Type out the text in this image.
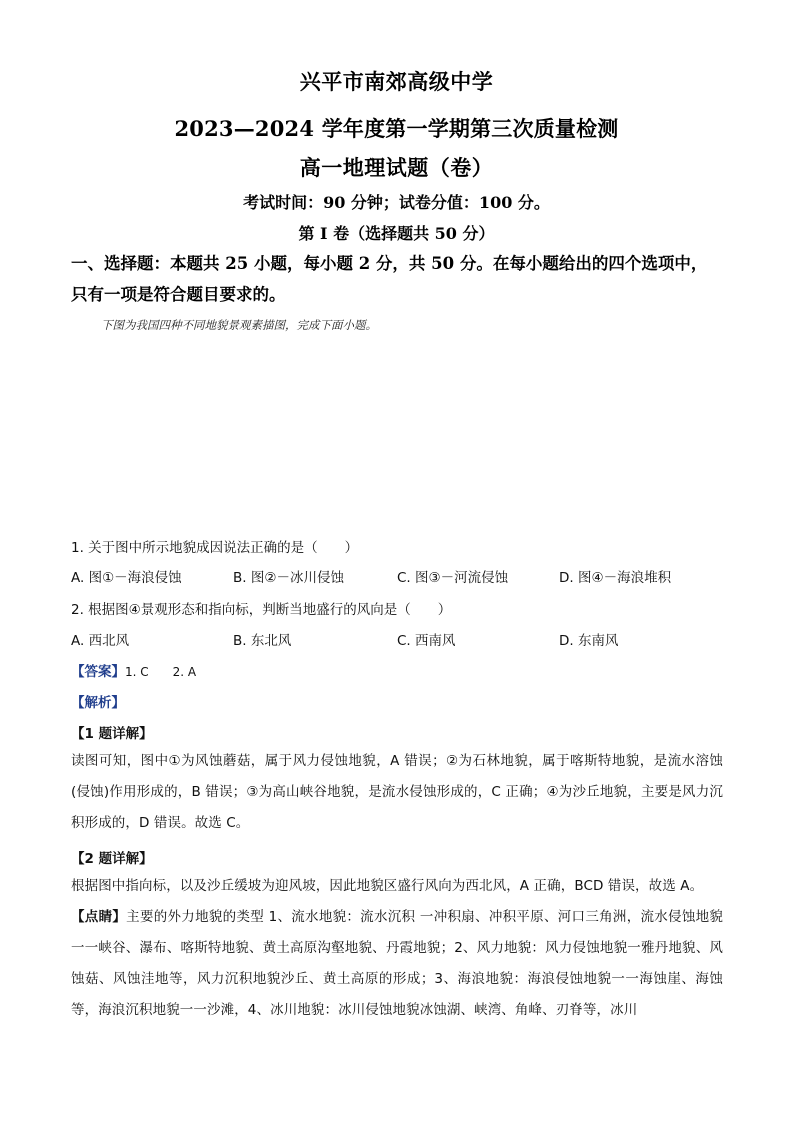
兴平市南郊高级中学
2023—2024 学年度第一学期第三次质量检测
高一地理试题（卷）
考试时间：90 分钟；试卷分值：100 分。
第 I 卷（选择题共 50 分）
一、选择题：本题共 25 小题，每小题 2 分，共 50 分。在每小题给出的四个选项中，只有一项是符合题目要求的。
下图为我国四种不同地貌景观素描图，完成下面小题。
1. 关于图中所示地貌成因说法正确的是（　　）
A. 图①－海浪侵蚀	B. 图②－冰川侵蚀	C. 图③－河流侵蚀	D. 图④－海浪堆积
2. 根据图④景观形态和指向标，判断当地盛行的风向是（　　）
A. 西北风	B. 东北风	C. 西南风	D. 东南风
【答案】1. C　　2. A
【解析】
【1 题详解】
读图可知，图中①为风蚀蘑菇，属于风力侵蚀地貌，A 错误；②为石林地貌，属于喀斯特地貌，是流水溶蚀(侵蚀)作用形成的，B 错误；③为高山峡谷地貌，是流水侵蚀形成的，C 正确；④为沙丘地貌，主要是风力沉积形成的，D 错误。故选 C。
【2 题详解】
根据图中指向标，以及沙丘缓坡为迎风坡，因此地貌区盛行风向为西北风，A 正确，BCD 错误，故选 A。
【点睛】主要的外力地貌的类型 1、流水地貌：流水沉积 一冲积扇、冲积平原、河口三角洲，流水侵蚀地貌一一峡谷、瀑布、喀斯特地貌、黄土高原沟壑地貌、丹霞地貌；2、风力地貌：风力侵蚀地貌一雅丹地貌、风蚀菇、风蚀洼地等，风力沉积地貌沙丘、黄土高原的形成；3、海浪地貌：海浪侵蚀地貌一一海蚀崖、海蚀等，海浪沉积地貌一一沙滩，4、冰川地貌：冰川侵蚀地貌冰蚀湖、峡湾、角峰、刃脊等，冰川
